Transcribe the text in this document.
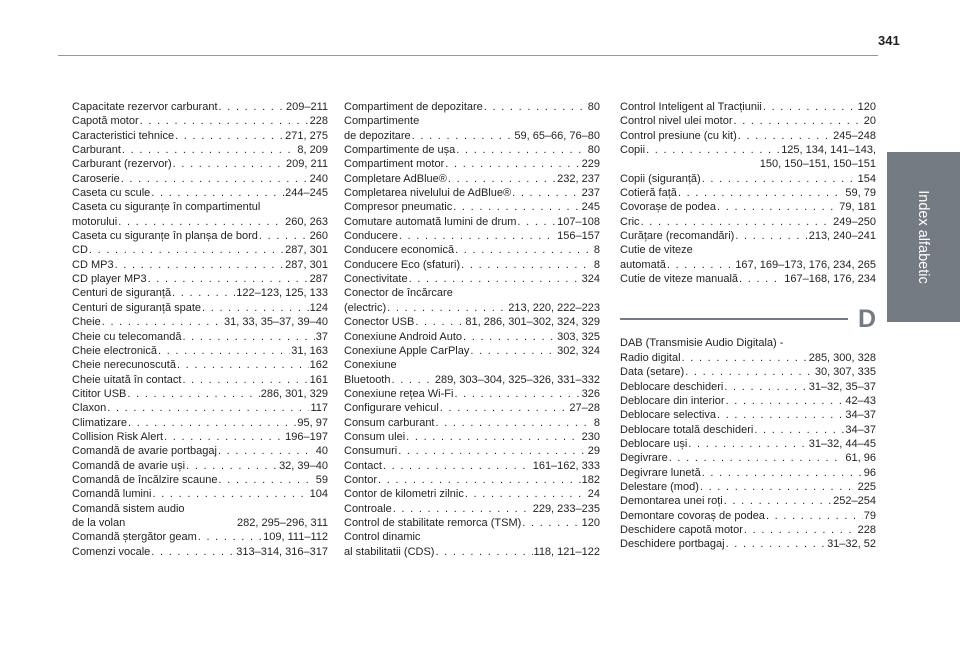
341
Index alfabetic
Capacitate rezervor carburant . . .	209–211
Capotă motor . . .	228
Caracteristici tehnice . . .	271, 275
Carburant . . .	8, 209
Carburant (rezervor) . . .	209, 211
Caroserie . . .	240
Caseta cu scule . . .	244–245
Caseta cu siguranțe în compartimentul
motorului . . .	260, 263
Caseta cu siguranțe în planșa de bord . . .	260
CD . . .	287, 301
CD MP3 . . .	287, 301
CD player MP3 . . .	287
Centuri de siguranță . . .	122–123, 125, 133
Centuri de siguranță spate . . .	124
Cheie . . .	31, 33, 35–37, 39–40
Cheie cu telecomandă . . .	37
Cheie electronică . . .	31, 163
Cheie nerecunoscută . . .	162
Cheie uitată în contact . . .	161
Cititor USB . . .	286, 301, 329
Claxon . . .	117
Climatizare . . .	95, 97
Collision Risk Alert . . .	196–197
Comandă de avarie portbagaj . . .	40
Comandă de avarie uși . . .	32, 39–40
Comandă de încălzire scaune . . .	59
Comandă lumini . . .	104
Comandă sistem audio
de la volan	282, 295–296, 311
Comandă ștergător geam . . .	109, 111–112
Comenzi vocale . . .	313–314, 316–317
Compartiment de depozitare . . .	80
Compartimente
de depozitare . . .	59, 65–66, 76–80
Compartimente de ușa . . .	80
Compartiment motor . . .	229
Completare AdBlue® . . .	232, 237
Completarea nivelului de AdBlue® . . .	237
Compresor pneumatic . . .	245
Comutare automată lumini de drum . . .	107–108
Conducere . . .	156–157
Conducere economică . . .	8
Conducere Eco (sfaturi) . . .	8
Conectivitate . . .	324
Conector de încărcare
(electric) . . .	213, 220, 222–223
Conector USB . . .	81, 286, 301–302, 324, 329
Conexiune Android Auto . . .	303, 325
Conexiune Apple CarPlay . . .	302, 324
Conexiune
Bluetooth . . .	289, 303–304, 325–326, 331–332
Conexiune rețea Wi-Fi . . .	326
Configurare vehicul . . .	27–28
Consum carburant . . .	8
Consum ulei . . .	230
Consumuri . . .	29
Contact . . .	161–162, 333
Contor . . .	182
Contor de kilometri zilnic . . .	24
Controale . . .	229, 233–235
Control de stabilitate remorca (TSM) . . .	120
Control dinamic
al stabilitatii (CDS) . . .	118, 121–122
Control Inteligent al Tracțiunii . . .	120
Control nivel ulei motor . . .	20
Control presiune (cu kit) . . .	245–248
Copii . . .	125, 134, 141–143,
150, 150–151, 150–151
Copii (siguranță) . . .	154
Cotieră față . . .	59, 79
Covorașe de podea . . .	79, 181
Cric . . .	249–250
Curățare (recomandări) . . .	213, 240–241
Cutie de viteze
automată . . .	167, 169–173, 176, 234, 265
Cutie de viteze manuală . . .	167–168, 176, 234
D
DAB (Transmisie Audio Digitala) -
Radio digital . . .	285, 300, 328
Data (setare) . . .	30, 307, 335
Deblocare deschideri . . .	31–32, 35–37
Deblocare din interior . . .	42–43
Deblocare selectiva . . .	34–37
Deblocare totală deschideri . . .	34–37
Deblocare uși . . .	31–32, 44–45
Degivrare . . .	61, 96
Degivrare lunetă . . .	96
Delestare (mod) . . .	225
Demontarea unei roți . . .	252–254
Demontare covoraș de podea . . .	79
Deschidere capotă motor . . .	228
Deschidere portbagaj . . .	31–32, 52
